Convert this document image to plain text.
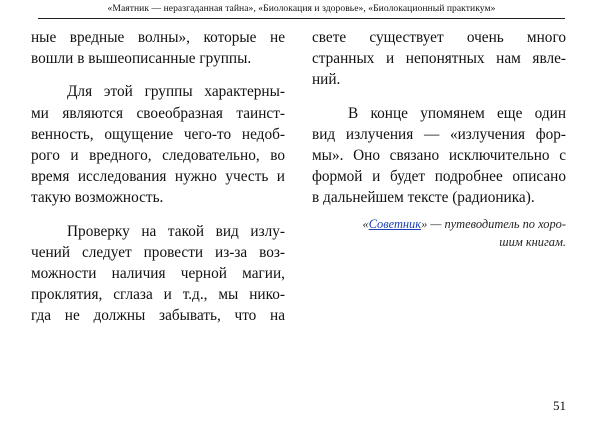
«Маятник — неразгаданная тайна», «Биолокация и здоровье», «Биолокационный практикум»

ные вредные волны», которые не
вошли в вышеописанные группы.

Для этой группы характерны-
ми являются своеобразная таинст-
венность, ощущение чего-то недоб-
рого и вредного, следовательно, во
время исследования нужно учесть и
такую возможность.

Проверку на такой вид излу-
чений следует провести из-за воз-
можности наличия черной магии,
проклятия, сглаза и т.д., мы нико-
гда не должны забывать, что на

свете существует очень много
странных и непонятных нам явле-
ний.

В конце упомянем еще один
вид излучения — «излучения фор-
мы». Оно связано исключительно с
формой и будет подробнее описано
в дальнейшем тексте (радионика).

«Советник» — путеводитель по хоро-
шим книгам.
51
